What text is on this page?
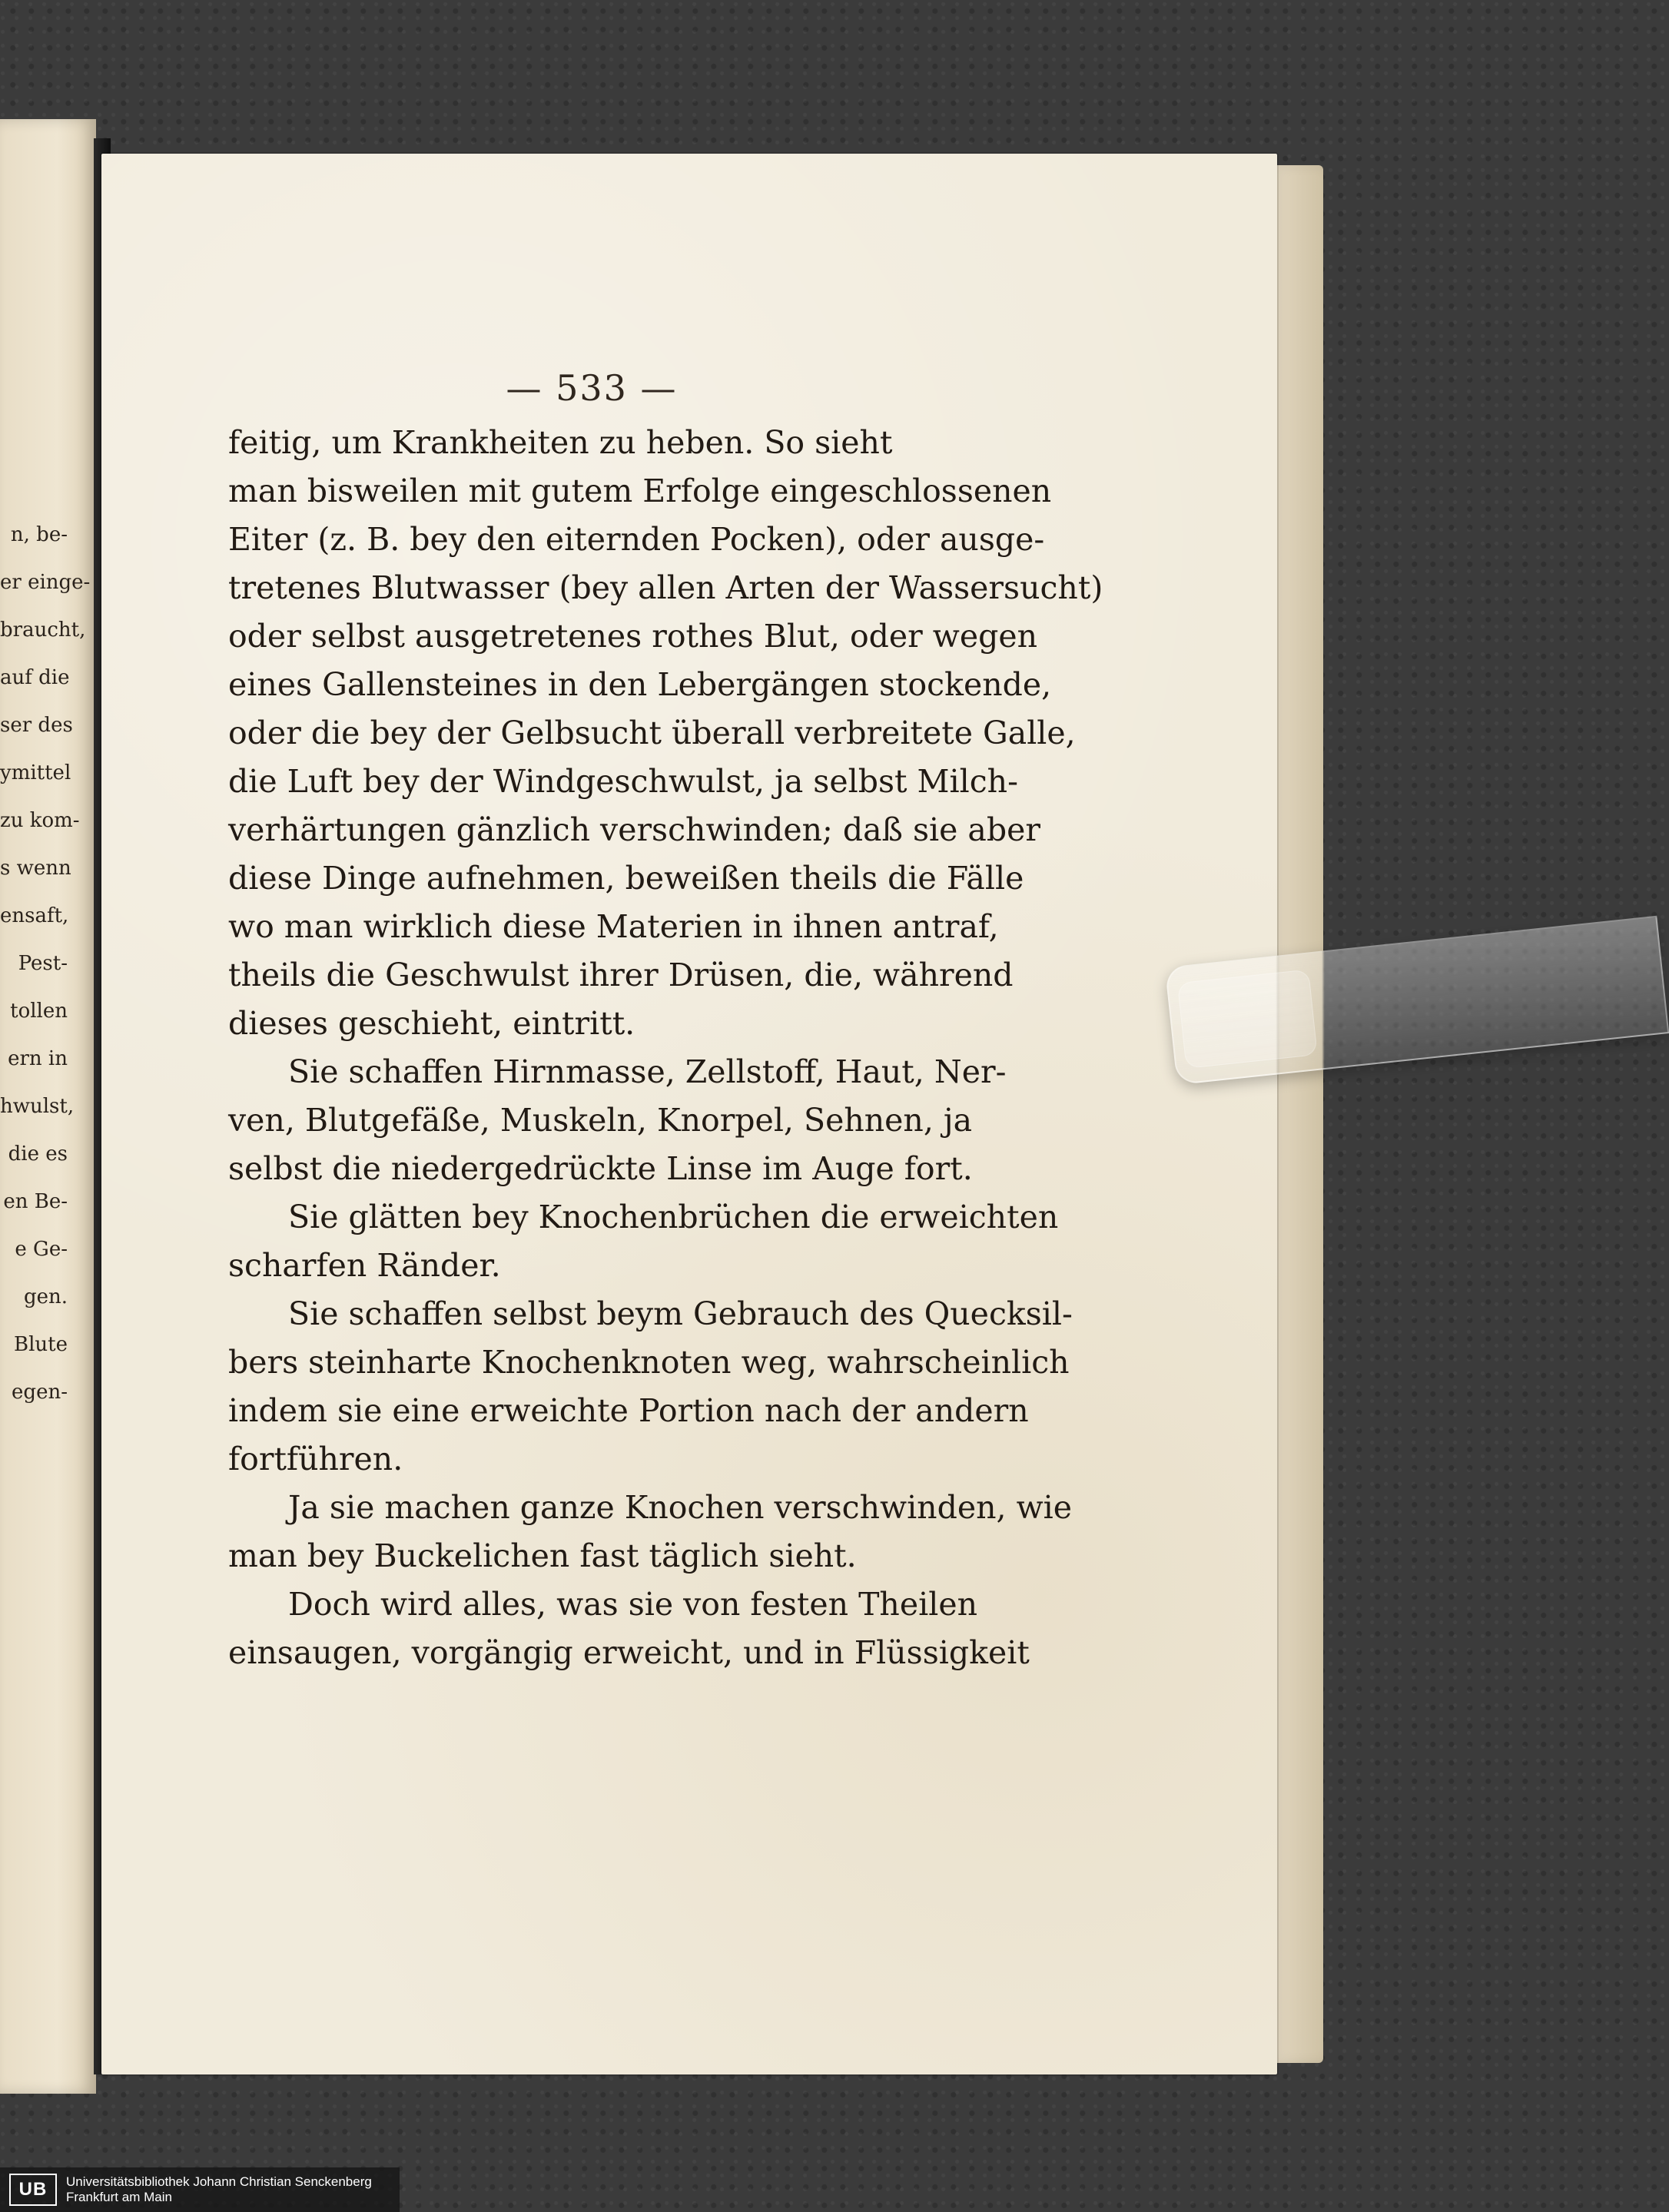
n, be-
er einge-
braucht,
auf die
ser des
ymittel
zu kom-
s wenn
ensaft,
Pest-
tollen
ern in
hwulst,
die es
en Be-
e Ge-
gen.
Blute
egen-
— 533 —
feitig, um Krankheiten zu heben. So sieht
man bisweilen mit gutem Erfolge eingeschlossenen
Eiter (z. B. bey den eiternden Pocken), oder ausge-
tretenes Blutwasser (bey allen Arten der Wassersucht)
oder selbst ausgetretenes rothes Blut, oder wegen
eines Gallensteines in den Lebergängen stockende,
oder die bey der Gelbsucht überall verbreitete Galle,
die Luft bey der Windgeschwulst, ja selbst Milch-
verhärtungen gänzlich verschwinden; daß sie aber
diese Dinge aufnehmen, beweißen theils die Fälle
wo man wirklich diese Materien in ihnen antraf,
theils die Geschwulst ihrer Drüsen, die, während
dieses geschieht, eintritt.
Sie schaffen Hirnmasse, Zellstoff, Haut, Ner-
ven, Blutgefäße, Muskeln, Knorpel, Sehnen, ja
selbst die niedergedrückte Linse im Auge fort.
Sie glätten bey Knochenbrüchen die erweichten
scharfen Ränder.
Sie schaffen selbst beym Gebrauch des Quecksil-
bers steinharte Knochenknoten weg, wahrscheinlich
indem sie eine erweichte Portion nach der andern
fortführen.
Ja sie machen ganze Knochen verschwinden, wie
man bey Buckelichen fast täglich sieht.
Doch wird alles, was sie von festen Theilen
einsaugen, vorgängig erweicht, und in Flüssigkeit
UB	Universitätsbibliothek Johann Christian Senckenberg
Frankfurt am Main
